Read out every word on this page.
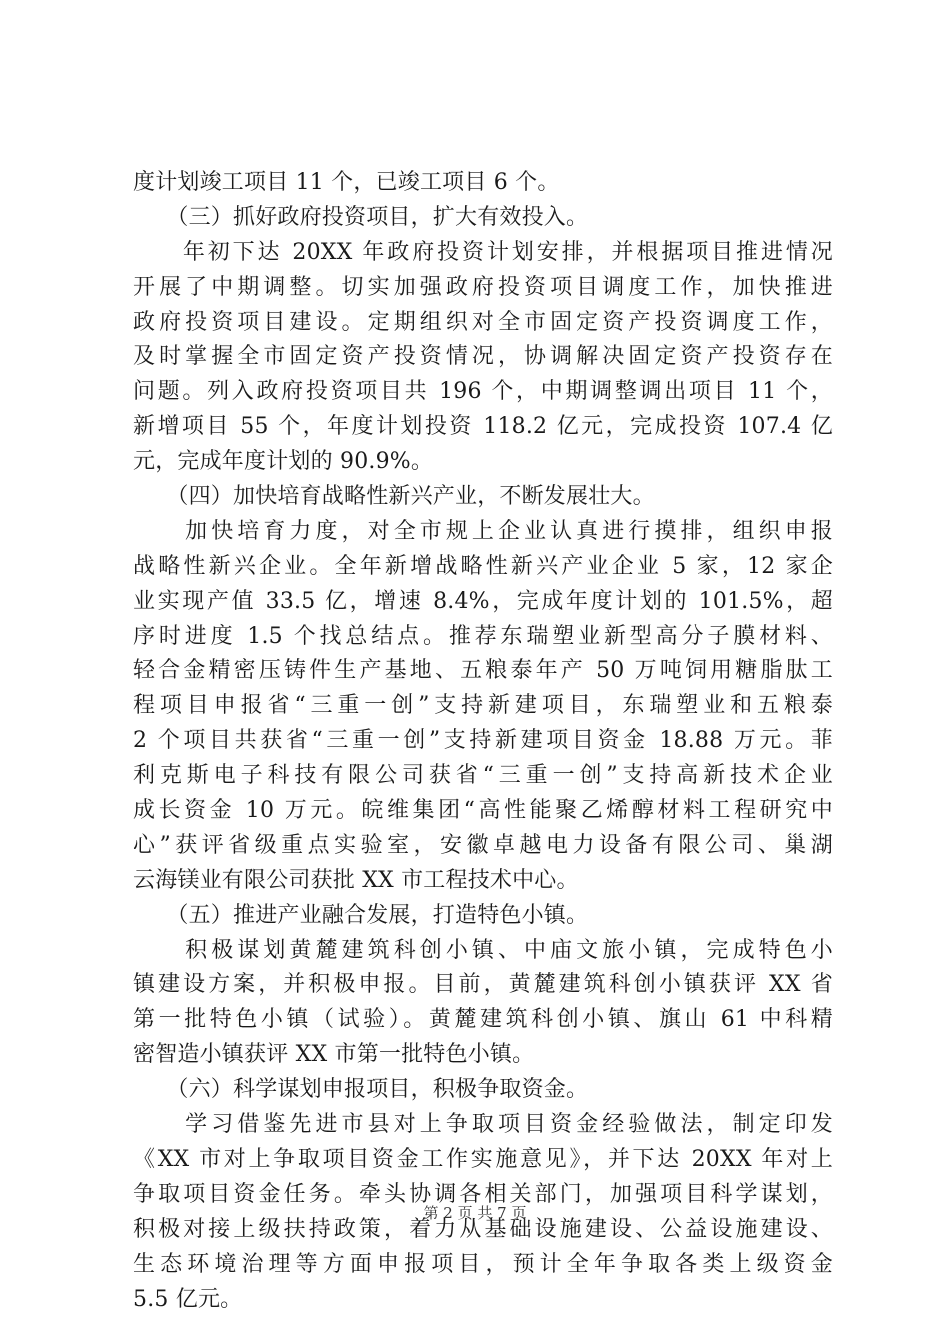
度计划竣工项目 11 个，已竣工项目 6 个。
　　（三）抓好政府投资项目，扩大有效投入。
　　年初下达 20XX 年政府投资计划安排，并根据项目推进情况
开展了中期调整。切实加强政府投资项目调度工作，加快推进
政府投资项目建设。定期组织对全市固定资产投资调度工作，
及时掌握全市固定资产投资情况，协调解决固定资产投资存在
问题。列入政府投资项目共 196 个，中期调整调出项目 11 个，
新增项目 55 个，年度计划投资 118.2 亿元，完成投资 107.4 亿
元，完成年度计划的 90.9%。
　　（四）加快培育战略性新兴产业，不断发展壮大。
　　加快培育力度，对全市规上企业认真进行摸排，组织申报
战略性新兴企业。全年新增战略性新兴产业企业 5 家，12 家企
业实现产值 33.5 亿，增速 8.4%，完成年度计划的 101.5%，超
序时进度 1.5 个找总结点。推荐东瑞塑业新型高分子膜材料、
轻合金精密压铸件生产基地、五粮泰年产 50 万吨饲用糖脂肽工
程项目申报省“三重一创”支持新建项目，东瑞塑业和五粮泰
2 个项目共获省“三重一创”支持新建项目资金 18.88 万元。菲
利克斯电子科技有限公司获省“三重一创”支持高新技术企业
成长资金 10 万元。皖维集团“高性能聚乙烯醇材料工程研究中
心”获评省级重点实验室，安徽卓越电力设备有限公司、巢湖
云海镁业有限公司获批 XX 市工程技术中心。
　　（五）推进产业融合发展，打造特色小镇。
　　积极谋划黄麓建筑科创小镇、中庙文旅小镇，完成特色小
镇建设方案，并积极申报。目前，黄麓建筑科创小镇获评 XX 省
第一批特色小镇（试验）。黄麓建筑科创小镇、旗山 61 中科精
密智造小镇获评 XX 市第一批特色小镇。
　　（六）科学谋划申报项目，积极争取资金。
　　学习借鉴先进市县对上争取项目资金经验做法，制定印发
《XX 市对上争取项目资金工作实施意见》，并下达 20XX 年对上
争取项目资金任务。牵头协调各相关部门，加强项目科学谋划，
积极对接上级扶持政策，着力从基础设施建设、公益设施建设、
生态环境治理等方面申报项目，预计全年争取各类上级资金
5.5 亿元。
第 2 页 共 7 页
